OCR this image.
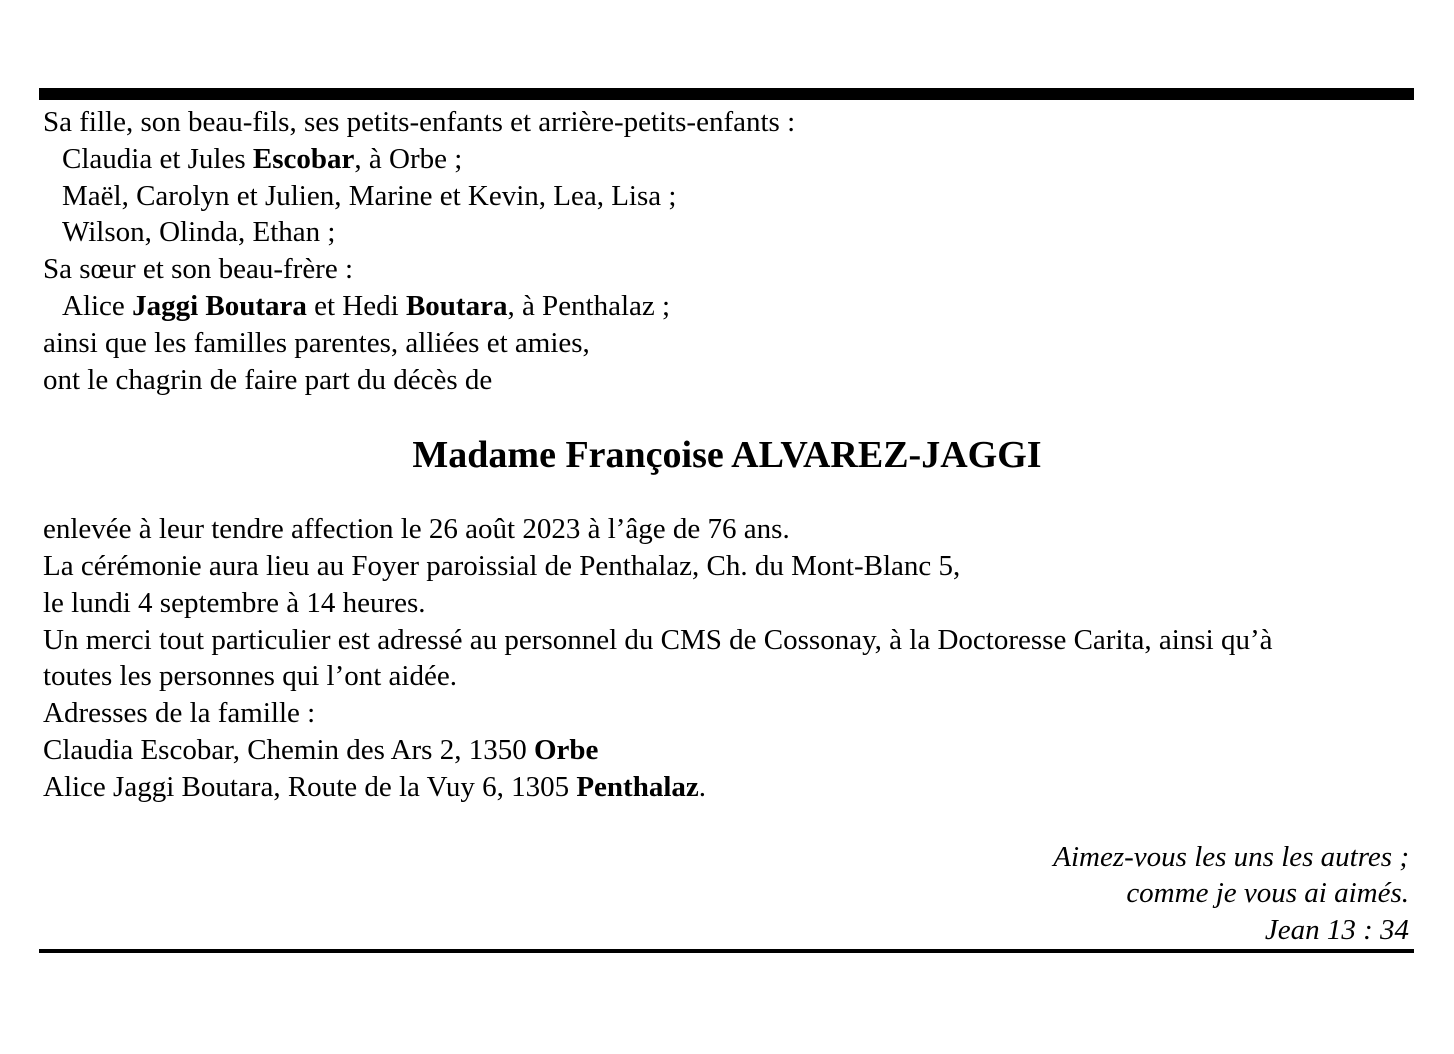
Sa fille, son beau-fils, ses petits-enfants et arrière-petits-enfants :
Claudia et Jules Escobar, à Orbe ;
Maël, Carolyn et Julien, Marine et Kevin, Lea, Lisa ;
Wilson, Olinda, Ethan ;
Sa sœur et son beau-frère :
Alice Jaggi Boutara et Hedi Boutara, à Penthalaz ;
ainsi que les familles parentes, alliées et amies,
ont le chagrin de faire part du décès de
Madame Françoise ALVAREZ-JAGGI
enlevée à leur tendre affection le 26 août 2023 à l’âge de 76 ans.
La cérémonie aura lieu au Foyer paroissial de Penthalaz, Ch. du Mont-Blanc 5,
le lundi 4 septembre à 14 heures.
Un merci tout particulier est adressé au personnel du CMS de Cossonay, à la Doctoresse Carita, ainsi qu’à
toutes les personnes qui l’ont aidée.
Adresses de la famille :
Claudia Escobar, Chemin des Ars 2, 1350 Orbe
Alice Jaggi Boutara, Route de la Vuy 6, 1305 Penthalaz.
Aimez-vous les uns les autres ;
comme je vous ai aimés.
Jean 13 : 34
